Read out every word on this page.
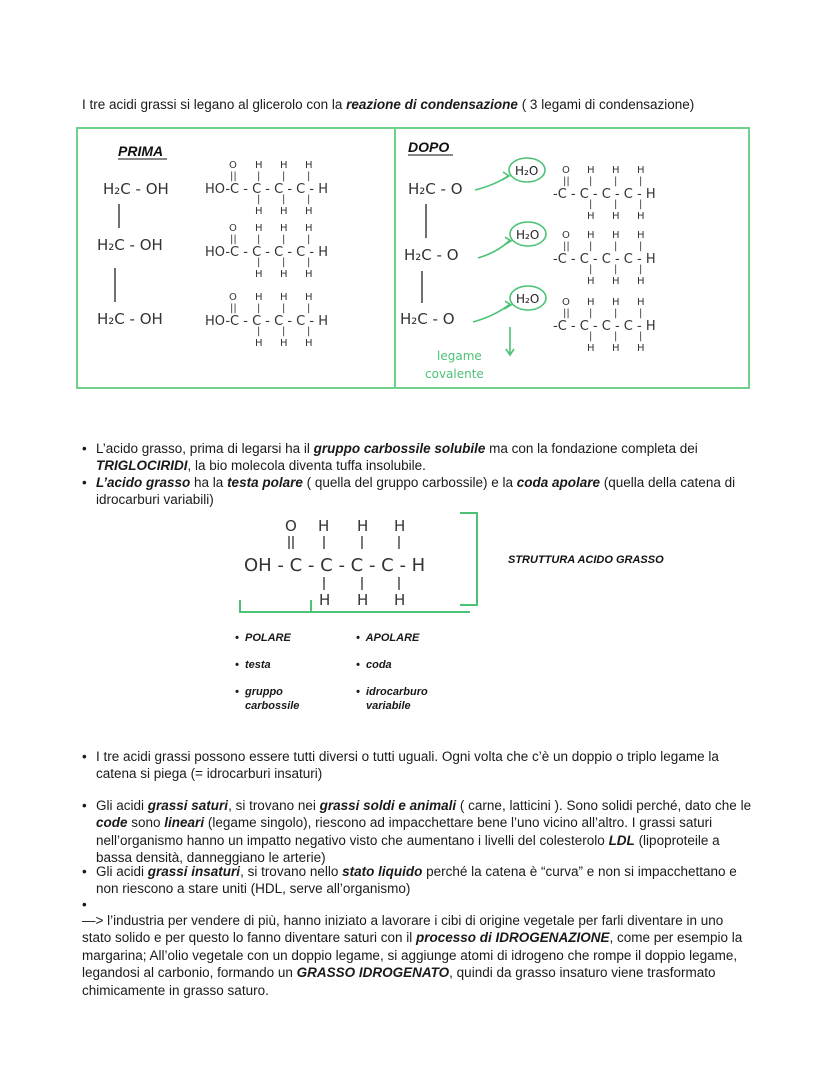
I tre acidi grassi si legano al glicerolo con la reazione di condensazione ( 3 legami di condensazione)
PRIMA	DOPO
H₂C - OH
H₂C - OH
H₂C - OH
H₂C - O
H₂C - O
H₂C - O
HO-C - C - C - C - H
HO-C - C - C - C - H
HO-C - C - C - C - H
-C - C - C - C - H
-C - C - C - C - H
-C - C - C - C - H
O
||
H
|
|
H
H
|
|
H
H
|
|
H
O
||
H
|
|
H
H
|
|
H
H
|
|
H
O
||
H
|
|
H
H
|
|
H
H
|
|
H
O
||
H
|
|
H
H
|
|
H
H
|
|
H
O
||
H
|
|
H
H
|
|
H
H
|
|
H
O
||
H
|
|
H
H
|
|
H
H
|
|
H
H₂O
H₂O
H₂O
legame
covalente
• L’acido grasso, prima di legarsi ha il gruppo carbossile solubile ma con la fondazione completa dei TRIGLOCIRIDI, la bio molecola diventa tuffa insolubile.
• L’acido grasso ha la testa polare ( quella del gruppo carbossile) e la coda apolare (quella della catena di idrocarburi variabili)
OH - C - C - C - C - H
O H H H
H H H
STRUTTURA ACIDO GRASSO
• POLARE
• testa
• gruppo carbossile
• APOLARE
• coda
• idrocarburo variabile
• I tre acidi grassi possono essere tutti diversi o tutti uguali. Ogni volta che c’è un doppio o triplo legame la catena si piega (= idrocarburi insaturi)
• Gli acidi grassi saturi, si trovano nei grassi soldi e animali ( carne, latticini ). Sono solidi perché, dato che le code sono lineari (legame singolo), riescono ad impacchettare bene l’uno vicino all’altro. I grassi saturi nell’organismo hanno un impatto negativo visto che aumentano i livelli del colesterolo LDL (lipoproteile a bassa densità, danneggiano le arterie)
• Gli acidi grassi insaturi, si trovano nello stato liquido perché la catena è “curva” e non si impacchettano e non riescono a stare uniti (HDL, serve all’organismo)
•
—> l’industria per vendere di più, hanno iniziato a lavorare i cibi di origine vegetale per farli diventare in uno stato solido e per questo lo fanno diventare saturi con il processo di IDROGENAZIONE, come per esempio la margarina; All’olio vegetale con un doppio legame, si aggiunge atomi di idrogeno che rompe il doppio legame, legandosi al carbonio, formando un GRASSO IDROGENATO, quindi da grasso insaturo viene trasformato chimicamente in grasso saturo.
